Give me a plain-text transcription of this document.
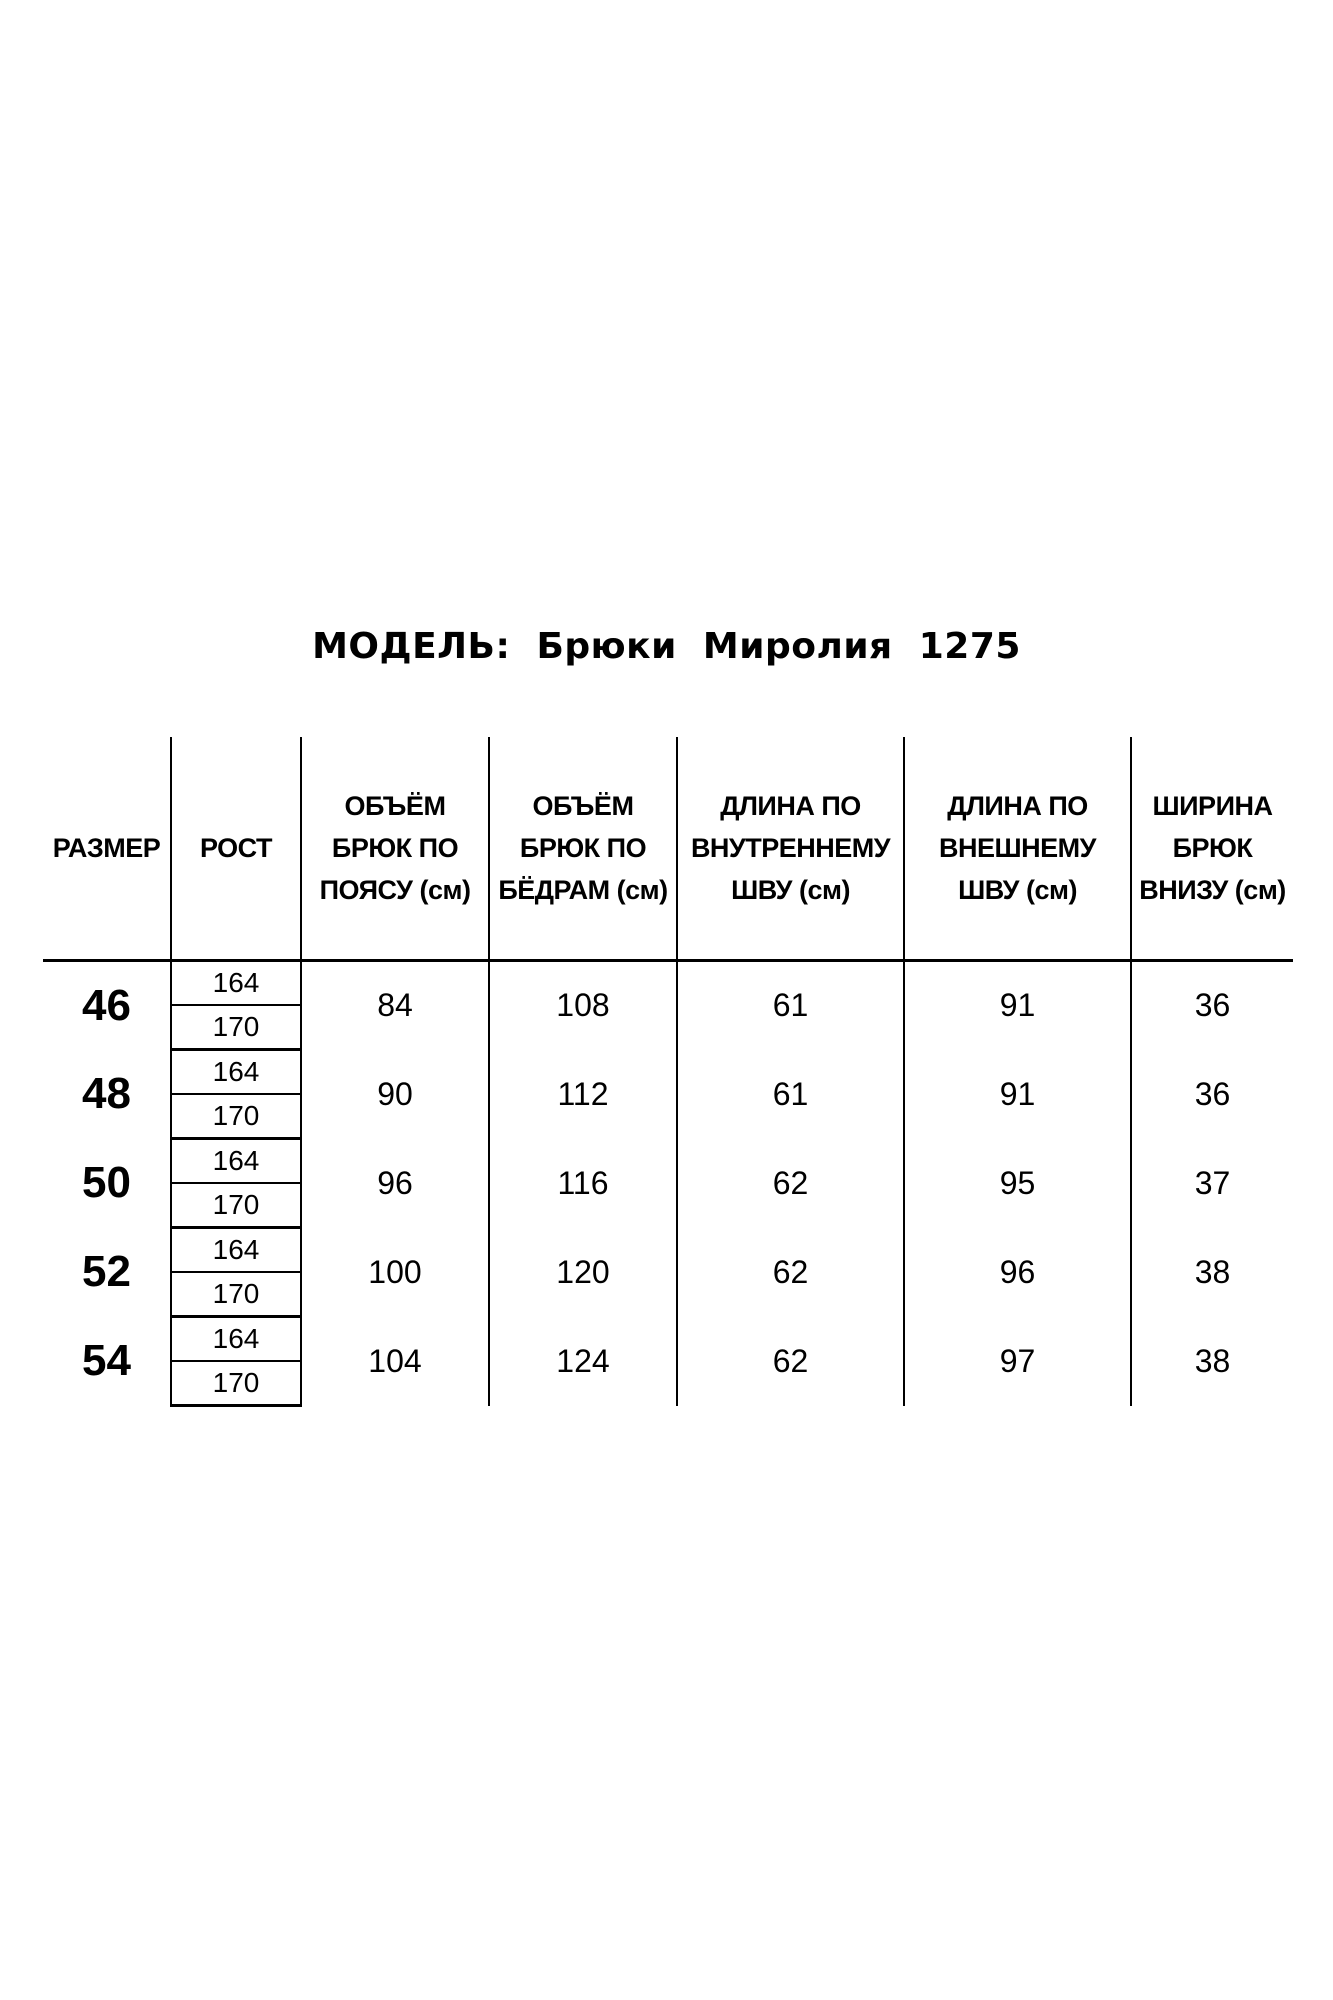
МОДЕЛЬ:  Брюки  Миролия  1275
РАЗМЕР	РОСТ	ОБЪЁМ
БРЮК ПО
ПОЯСУ (см)	ОБЪЁМ
БРЮК ПО
БЁДРАМ (см)	ДЛИНА ПО
ВНУТРЕННЕМУ
ШВУ (см)	ДЛИНА ПО
ВНЕШНЕМУ
ШВУ (см)	ШИРИНА
БРЮК
ВНИЗУ (см)

46	164	84	108	61	91	36
	170					
48	164	90	112	61	91	36
	170					
50	164	96	116	62	95	37
	170					
52	164	100	120	62	96	38
	170					
54	164	104	124	62	97	38
	170					
